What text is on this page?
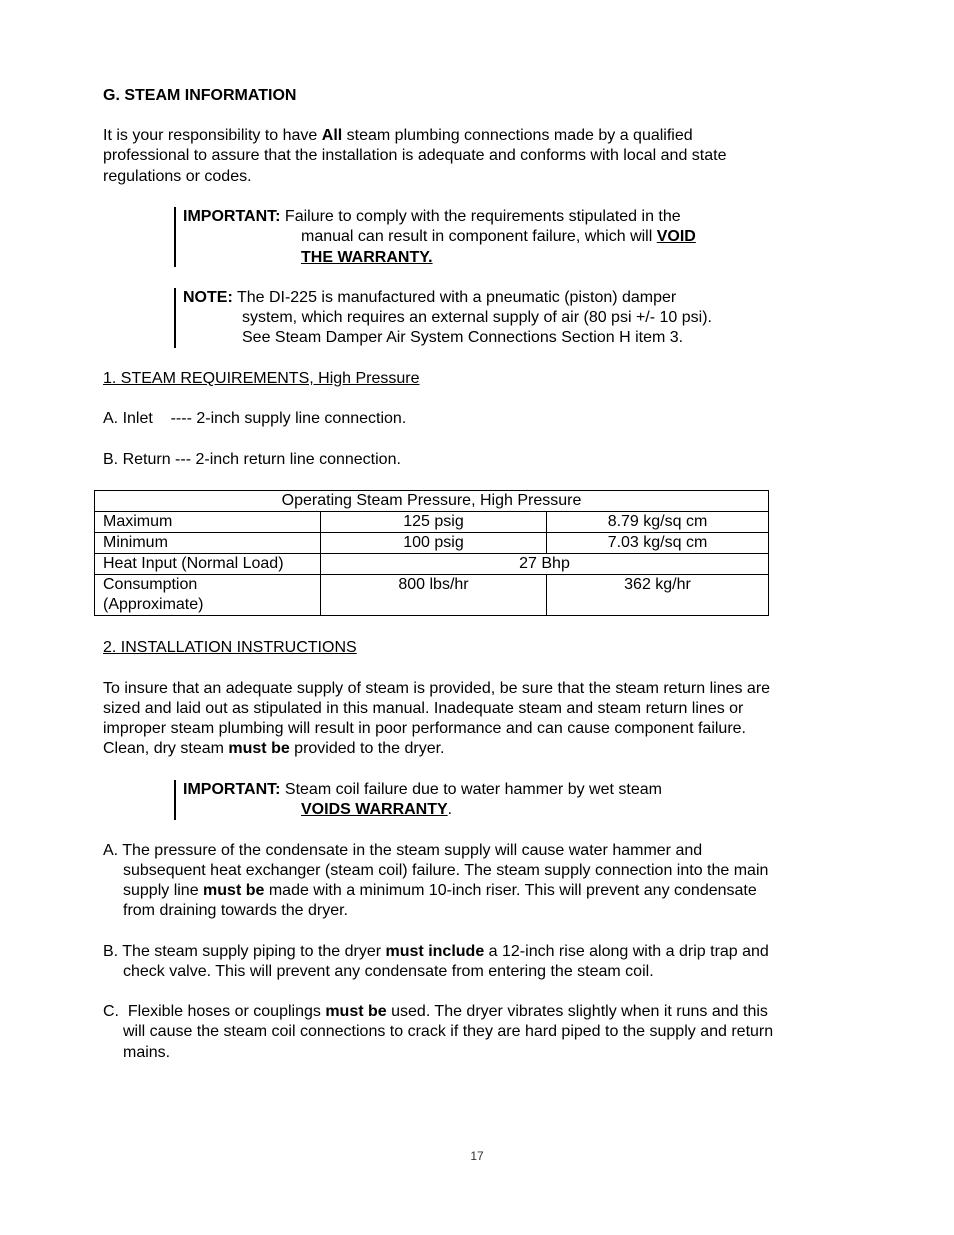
G. STEAM INFORMATION
It is your responsibility to have All steam plumbing connections made by a qualified
professional to assure that the installation is adequate and conforms with local and state
regulations or codes.
IMPORTANT: Failure to comply with the requirements stipulated in the
manual can result in component failure, which will VOID
THE WARRANTY.
NOTE: The DI-225 is manufactured with a pneumatic (piston) damper
system, which requires an external supply of air (80 psi +/- 10 psi).
See Steam Damper Air System Connections Section H item 3.
1. STEAM REQUIREMENTS, High Pressure
A. Inlet    ---- 2-inch supply line connection.
B. Return --- 2-inch return line connection.
Operating Steam Pressure, High Pressure		
Maximum	125 psig	8.79 kg/sq cm
Minimum	100 psig	7.03 kg/sq cm
Heat Input (Normal Load)	27 Bhp	
Consumption
(Approximate)	800 lbs/hr	362 kg/hr
2. INSTALLATION INSTRUCTIONS
To insure that an adequate supply of steam is provided, be sure that the steam return lines are
sized and laid out as stipulated in this manual. Inadequate steam and steam return lines or
improper steam plumbing will result in poor performance and can cause component failure.
Clean, dry steam must be provided to the dryer.
IMPORTANT: Steam coil failure due to water hammer by wet steam
VOIDS WARRANTY.
A. The pressure of the condensate in the steam supply will cause water hammer and
subsequent heat exchanger (steam coil) failure. The steam supply connection into the main
supply line must be made with a minimum 10-inch riser. This will prevent any condensate
from draining towards the dryer.
B. The steam supply piping to the dryer must include a 12-inch rise along with a drip trap and
check valve. This will prevent any condensate from entering the steam coil.
C.  Flexible hoses or couplings must be used. The dryer vibrates slightly when it runs and this
will cause the steam coil connections to crack if they are hard piped to the supply and return
mains.
17
